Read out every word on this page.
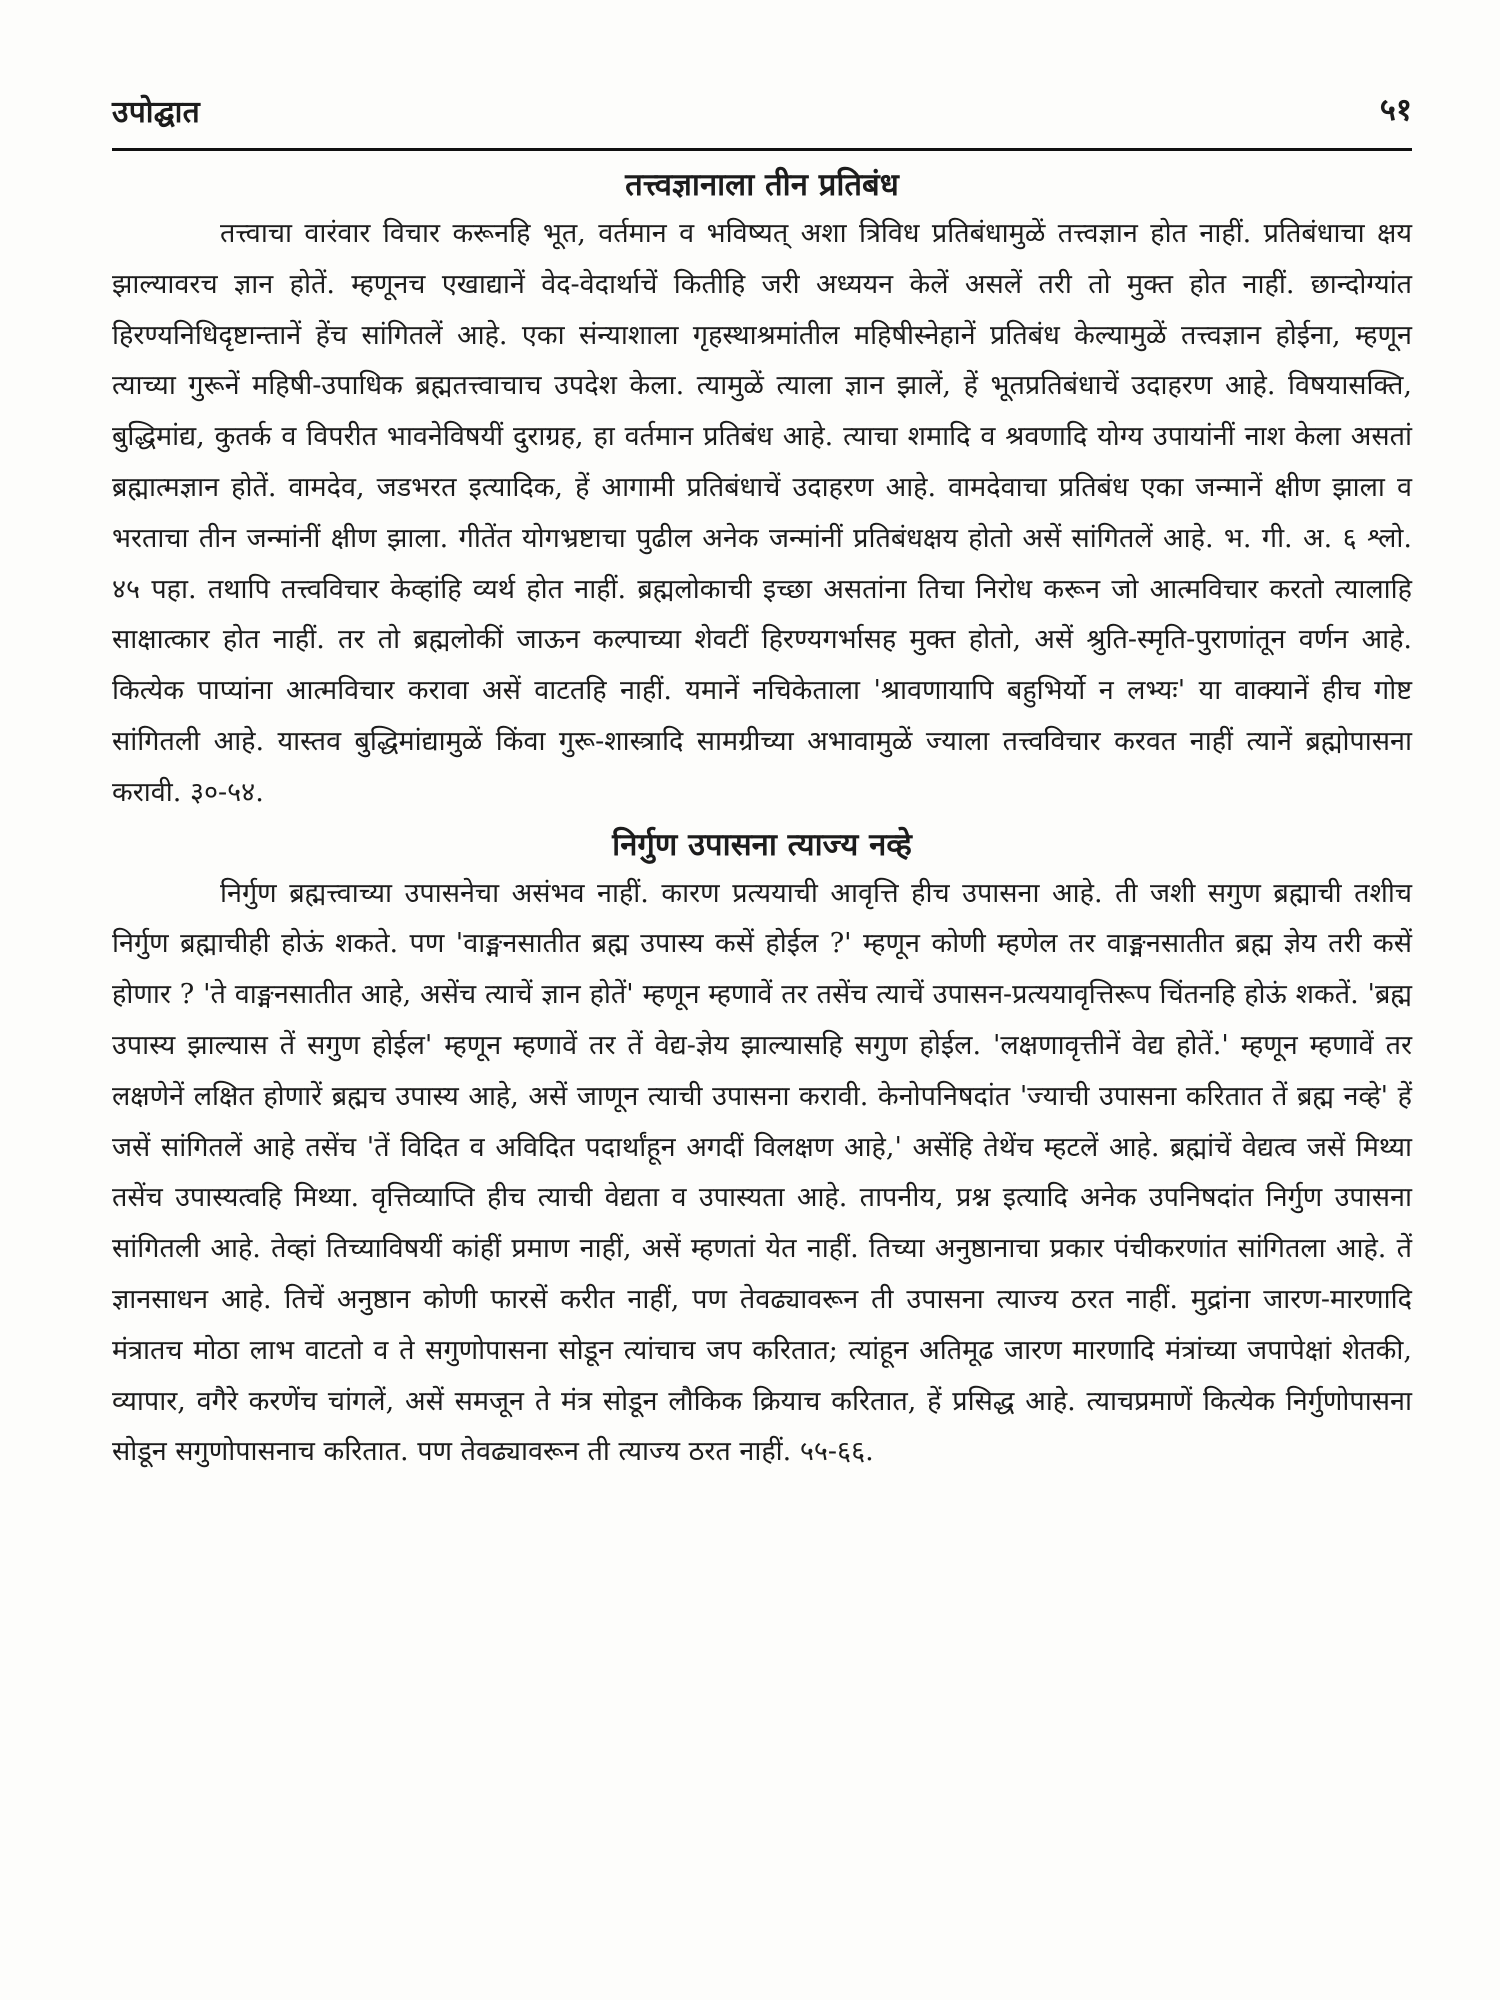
उपोद्घात	५१
तत्त्वज्ञानाला तीन प्रतिबंध

तत्त्वाचा वारंवार विचार करूनहि भूत, वर्तमान व भविष्यत् अशा त्रिविध प्रतिबंधामुळें तत्त्वज्ञान होत नाहीं. प्रतिबंधाचा क्षय झाल्यावरच ज्ञान होतें. म्हणूनच एखाद्यानें वेद-वेदार्थाचें कितीहि जरी अध्ययन केलें असलें तरी तो मुक्त होत नाहीं. छान्दोग्यांत हिरण्यनिधिदृष्टान्तानें हेंच सांगितलें आहे. एका संन्याशाला गृहस्थाश्रमांतील महिषीस्नेहानें प्रतिबंध केल्यामुळें तत्त्वज्ञान होईना, म्हणून त्याच्या गुरूनें महिषी-उपाधिक ब्रह्मतत्त्वाचाच उपदेश केला. त्यामुळें त्याला ज्ञान झालें, हें भूतप्रतिबंधाचें उदाहरण आहे. विषयासक्ति, बुद्धिमांद्य, कुतर्क व विपरीत भावनेविषयीं दुराग्रह, हा वर्तमान प्रतिबंध आहे. त्याचा शमादि व श्रवणादि योग्य उपायांनीं नाश केला असतां ब्रह्मात्मज्ञान होतें. वामदेव, जडभरत इत्यादिक, हें आगामी प्रतिबंधाचें उदाहरण आहे. वामदेवाचा प्रतिबंध एका जन्मानें क्षीण झाला व भरताचा तीन जन्मांनीं क्षीण झाला. गीतेंत योगभ्रष्टाचा पुढील अनेक जन्मांनीं प्रतिबंधक्षय होतो असें सांगितलें आहे. भ. गी. अ. ६ श्लो. ४५ पहा. तथापि तत्त्वविचार केव्हांहि व्यर्थ होत नाहीं. ब्रह्मलोकाची इच्छा असतांना तिचा निरोध करून जो आत्मविचार करतो त्यालाहि साक्षात्कार होत नाहीं. तर तो ब्रह्मलोकीं जाऊन कल्पाच्या शेवटीं हिरण्यगर्भासह मुक्त होतो, असें श्रुति-स्मृति-पुराणांतून वर्णन आहे. कित्येक पाप्यांना आत्मविचार करावा असें वाटतहि नाहीं. यमानें नचिकेताला 'श्रावणायापि बहुभिर्यो न लभ्यः' या वाक्यानें हीच गोष्ट सांगितली आहे. यास्तव बुद्धिमांद्यामुळें किंवा गुरू-शास्त्रादि सामग्रीच्या अभावामुळें ज्याला तत्त्वविचार करवत नाहीं त्यानें ब्रह्मोपासना करावी. ३०-५४.

निर्गुण उपासना त्याज्य नव्हे

निर्गुण ब्रह्मत्त्वाच्या उपासनेचा असंभव नाहीं. कारण प्रत्ययाची आवृत्ति हीच उपासना आहे. ती जशी सगुण ब्रह्माची तशीच निर्गुण ब्रह्माचीही होऊं शकते. पण 'वाङ्मनसातीत ब्रह्म उपास्य कसें होईल ?' म्हणून कोणी म्हणेल तर वाङ्मनसातीत ब्रह्म ज्ञेय तरी कसें होणार ? 'ते वाङ्मनसातीत आहे, असेंच त्याचें ज्ञान होतें' म्हणून म्हणावें तर तसेंच त्याचें उपासन-प्रत्ययावृत्तिरूप चिंतनहि होऊं शकतें. 'ब्रह्म उपास्य झाल्यास तें सगुण होईल' म्हणून म्हणावें तर तें वेद्य-ज्ञेय झाल्यासहि सगुण होईल. 'लक्षणावृत्तीनें वेद्य होतें.' म्हणून म्हणावें तर लक्षणेनें लक्षित होणारें ब्रह्मच उपास्य आहे, असें जाणून त्याची उपासना करावी. केनोपनिषदांत 'ज्याची उपासना करितात तें ब्रह्म नव्हे' हें जसें सांगितलें आहे तसेंच 'तें विदित व अविदित पदार्थांहून अगदीं विलक्षण आहे,' असेंहि तेथेंच म्हटलें आहे. ब्रह्मांचें वेद्यत्व जसें मिथ्या तसेंच उपास्यत्वहि मिथ्या. वृत्तिव्याप्ति हीच त्याची वेद्यता व उपास्यता आहे. तापनीय, प्रश्न इत्यादि अनेक उपनिषदांत निर्गुण उपासना सांगितली आहे. तेव्हां तिच्याविषयीं कांहीं प्रमाण नाहीं, असें म्हणतां येत नाहीं. तिच्या अनुष्ठानाचा प्रकार पंचीकरणांत सांगितला आहे. तें ज्ञानसाधन आहे. तिचें अनुष्ठान कोणी फारसें करीत नाहीं, पण तेवढ्यावरून ती उपासना त्याज्य ठरत नाहीं. मुद्रांना जारण-मारणादि मंत्रातच मोठा लाभ वाटतो व ते सगुणोपासना सोडून त्यांचाच जप करितात; त्यांहून अतिमूढ जारण मारणादि मंत्रांच्या जपापेक्षां शेतकी, व्यापार, वगैरे करणेंच चांगलें, असें समजून ते मंत्र सोडून लौकिक क्रियाच करितात, हें प्रसिद्ध आहे. त्याचप्रमाणें कित्येक निर्गुणोपासना सोडून सगुणोपासनाच करितात. पण तेवढ्यावरून ती त्याज्य ठरत नाहीं. ५५-६६.
